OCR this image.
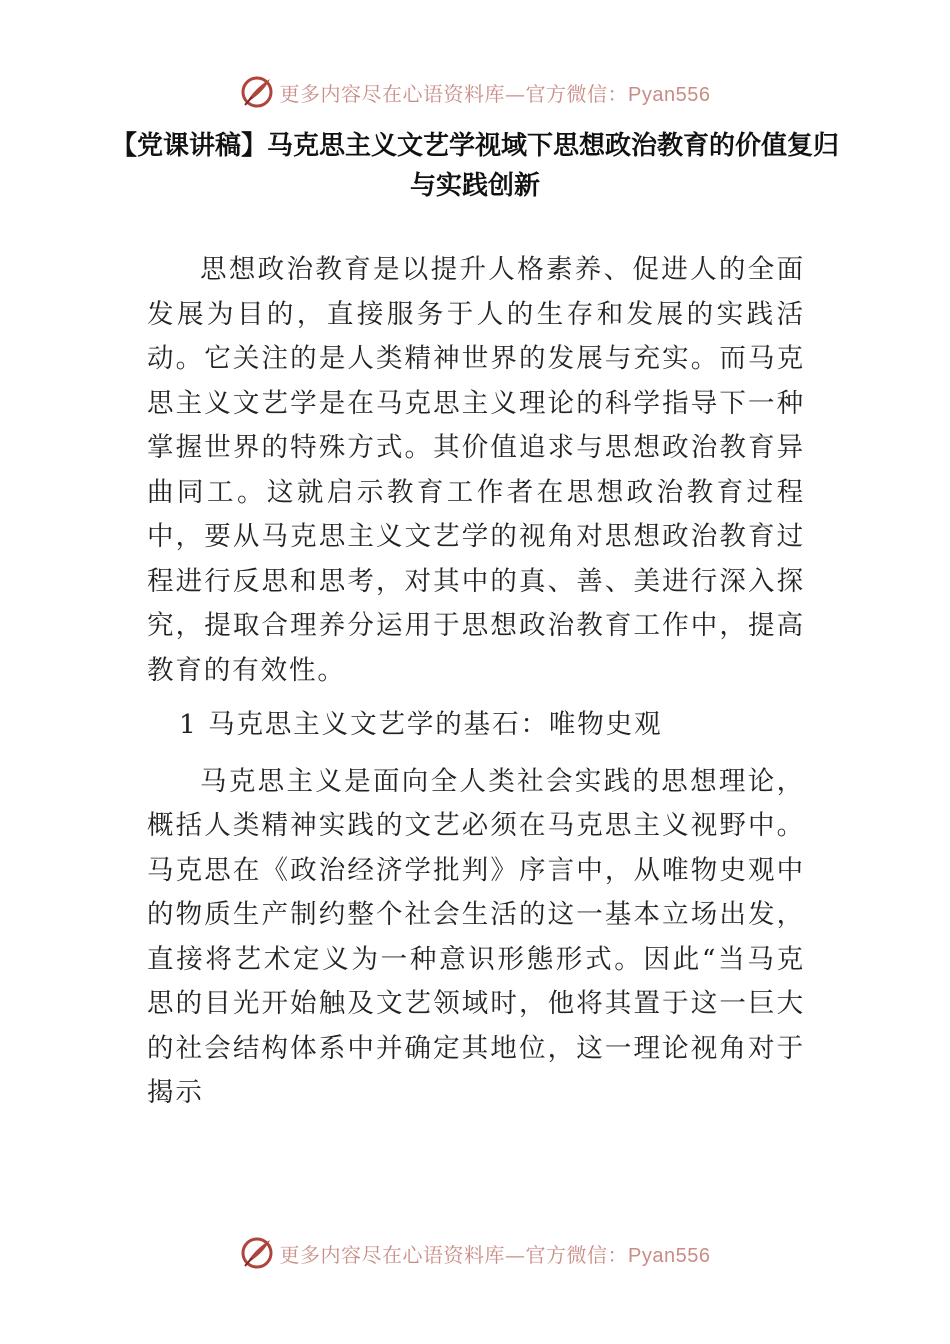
更多内容尽在心语资料库—官方微信：Pyan556
【党课讲稿】马克思主义文艺学视域下思想政治教育的价值复归与实践创新

思想政治教育是以提升人格素养、促进人的全面发展为目的，直接服务于人的生存和发展的实践活动。它关注的是人类精神世界的发展与充实。而马克思主义文艺学是在马克思主义理论的科学指导下一种掌握世界的特殊方式。其价值追求与思想政治教育异曲同工。这就启示教育工作者在思想政治教育过程中，要从马克思主义文艺学的视角对思想政治教育过程进行反思和思考，对其中的真、善、美进行深入探究，提取合理养分运用于思想政治教育工作中，提高教育的有效性。

1 马克思主义文艺学的基石：唯物史观

马克思主义是面向全人类社会实践的思想理论，概括人类精神实践的文艺必须在马克思主义视野中。马克思在《政治经济学批判》序言中，从唯物史观中的物质生产制约整个社会生活的这一基本立场出发，直接将艺术定义为一种意识形態形式。因此“当马克思的目光开始触及文艺领域时，他将其置于这一巨大的社会结构体系中并确定其地位，这一理论视角对于揭示

更多内容尽在心语资料库—官方微信：Pyan556
